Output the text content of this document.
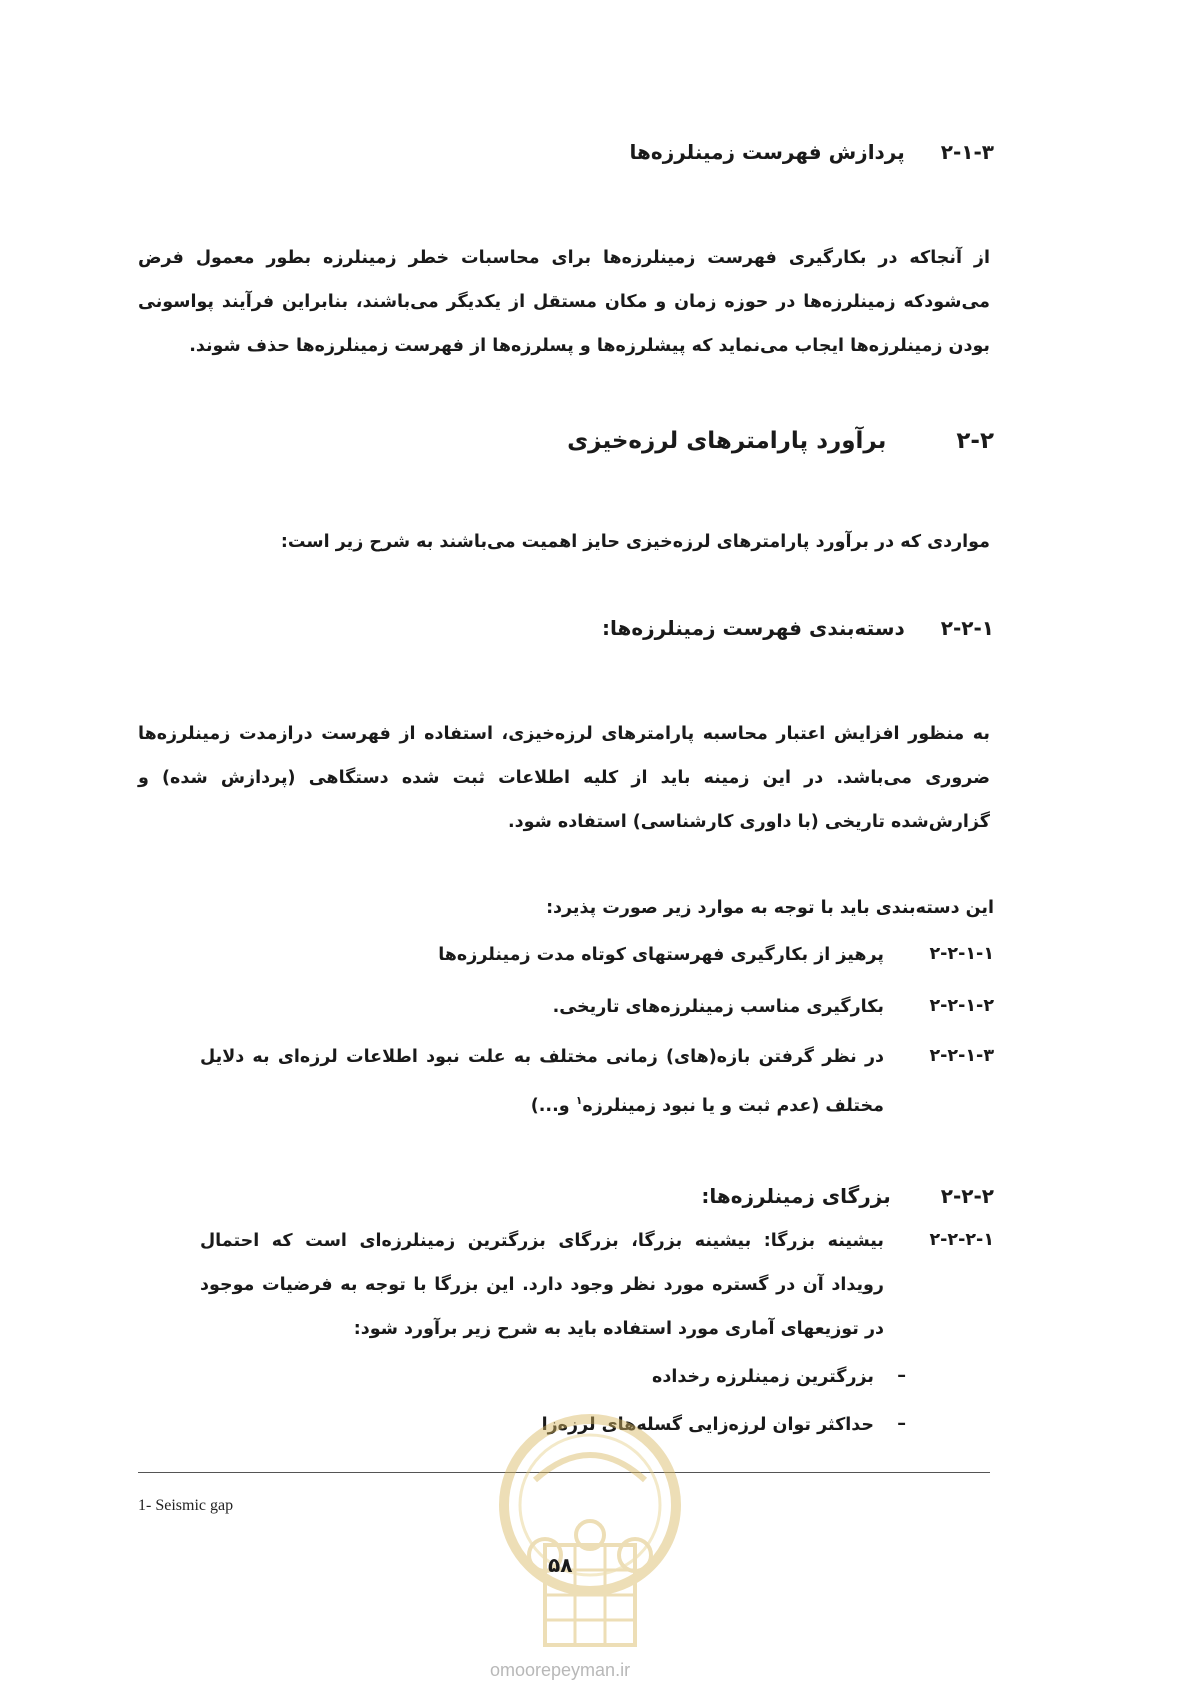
۲-۱-۳پردازش فهرست زمینلرزه‌ها

از آنجاکه در بکارگیری فهرست زمینلرزه‌ها برای محاسبات خطر زمینلرزه بطور معمول فرض می‌شودکه زمینلرزه‌ها در حوزه زمان و مکان مستقل از یکدیگر می‌باشند، بنابراین فرآیند پواسونی بودن زمینلرزه‌ها ایجاب می‌نماید که پیشلرزه‌ها و پسلرزه‌ها از فهرست زمینلرزه‌ها حذف شوند.

۲-۲برآورد پارامترهای لرزه‌خیزی

مواردی که در برآورد پارامترهای لرزه‌خیزی حایز اهمیت می‌باشند به شرح زیر است:

۲-۲-۱دسته‌بندی فهرست زمینلرزه‌ها:

به منظور افزایش اعتبار محاسبه پارامترهای لرزه‌خیزی، استفاده از فهرست درازمدت زمینلرزه‌ها ضروری می‌باشد. در این زمینه باید از کلیه اطلاعات ثبت شده دستگاهی (پردازش شده) و گزارش‌شده تاریخی (با داوری کارشناسی) استفاده شود.

این دسته‌بندی باید با توجه به موارد زیر صورت پذیرد:
۲-۲-۱-۱
پرهیز از بکارگیری فهرستهای کوتاه مدت زمینلرزه‌ها
۲-۲-۱-۲
بکارگیری مناسب زمینلرزه‌های تاریخی.
۲-۲-۱-۳
در نظر گرفتن بازه(های) زمانی مختلف به علت نبود اطلاعات لرزه‌ای به دلایل مختلف (عدم ثبت و یا نبود زمینلرزه$^۱$ و...)
۲-۲-۲بزرگای زمینلرزه‌ها:
۲-۲-۲-۱
بیشینه بزرگا: بیشینه بزرگا، بزرگای بزرگترین زمینلرزه‌ای است که احتمال رویداد آن در گستره مورد نظر وجود دارد. این بزرگا با توجه به فرضیات موجود در توزیعهای آماری مورد استفاده باید به شرح زیر برآورد شود:
–
بزرگترین زمینلرزه رخداده
–
حداکثر توان لرزه‌زایی گسله‌های لرزه‌زا
1- Seismic gap
۵۸
omoorepeyman.ir
